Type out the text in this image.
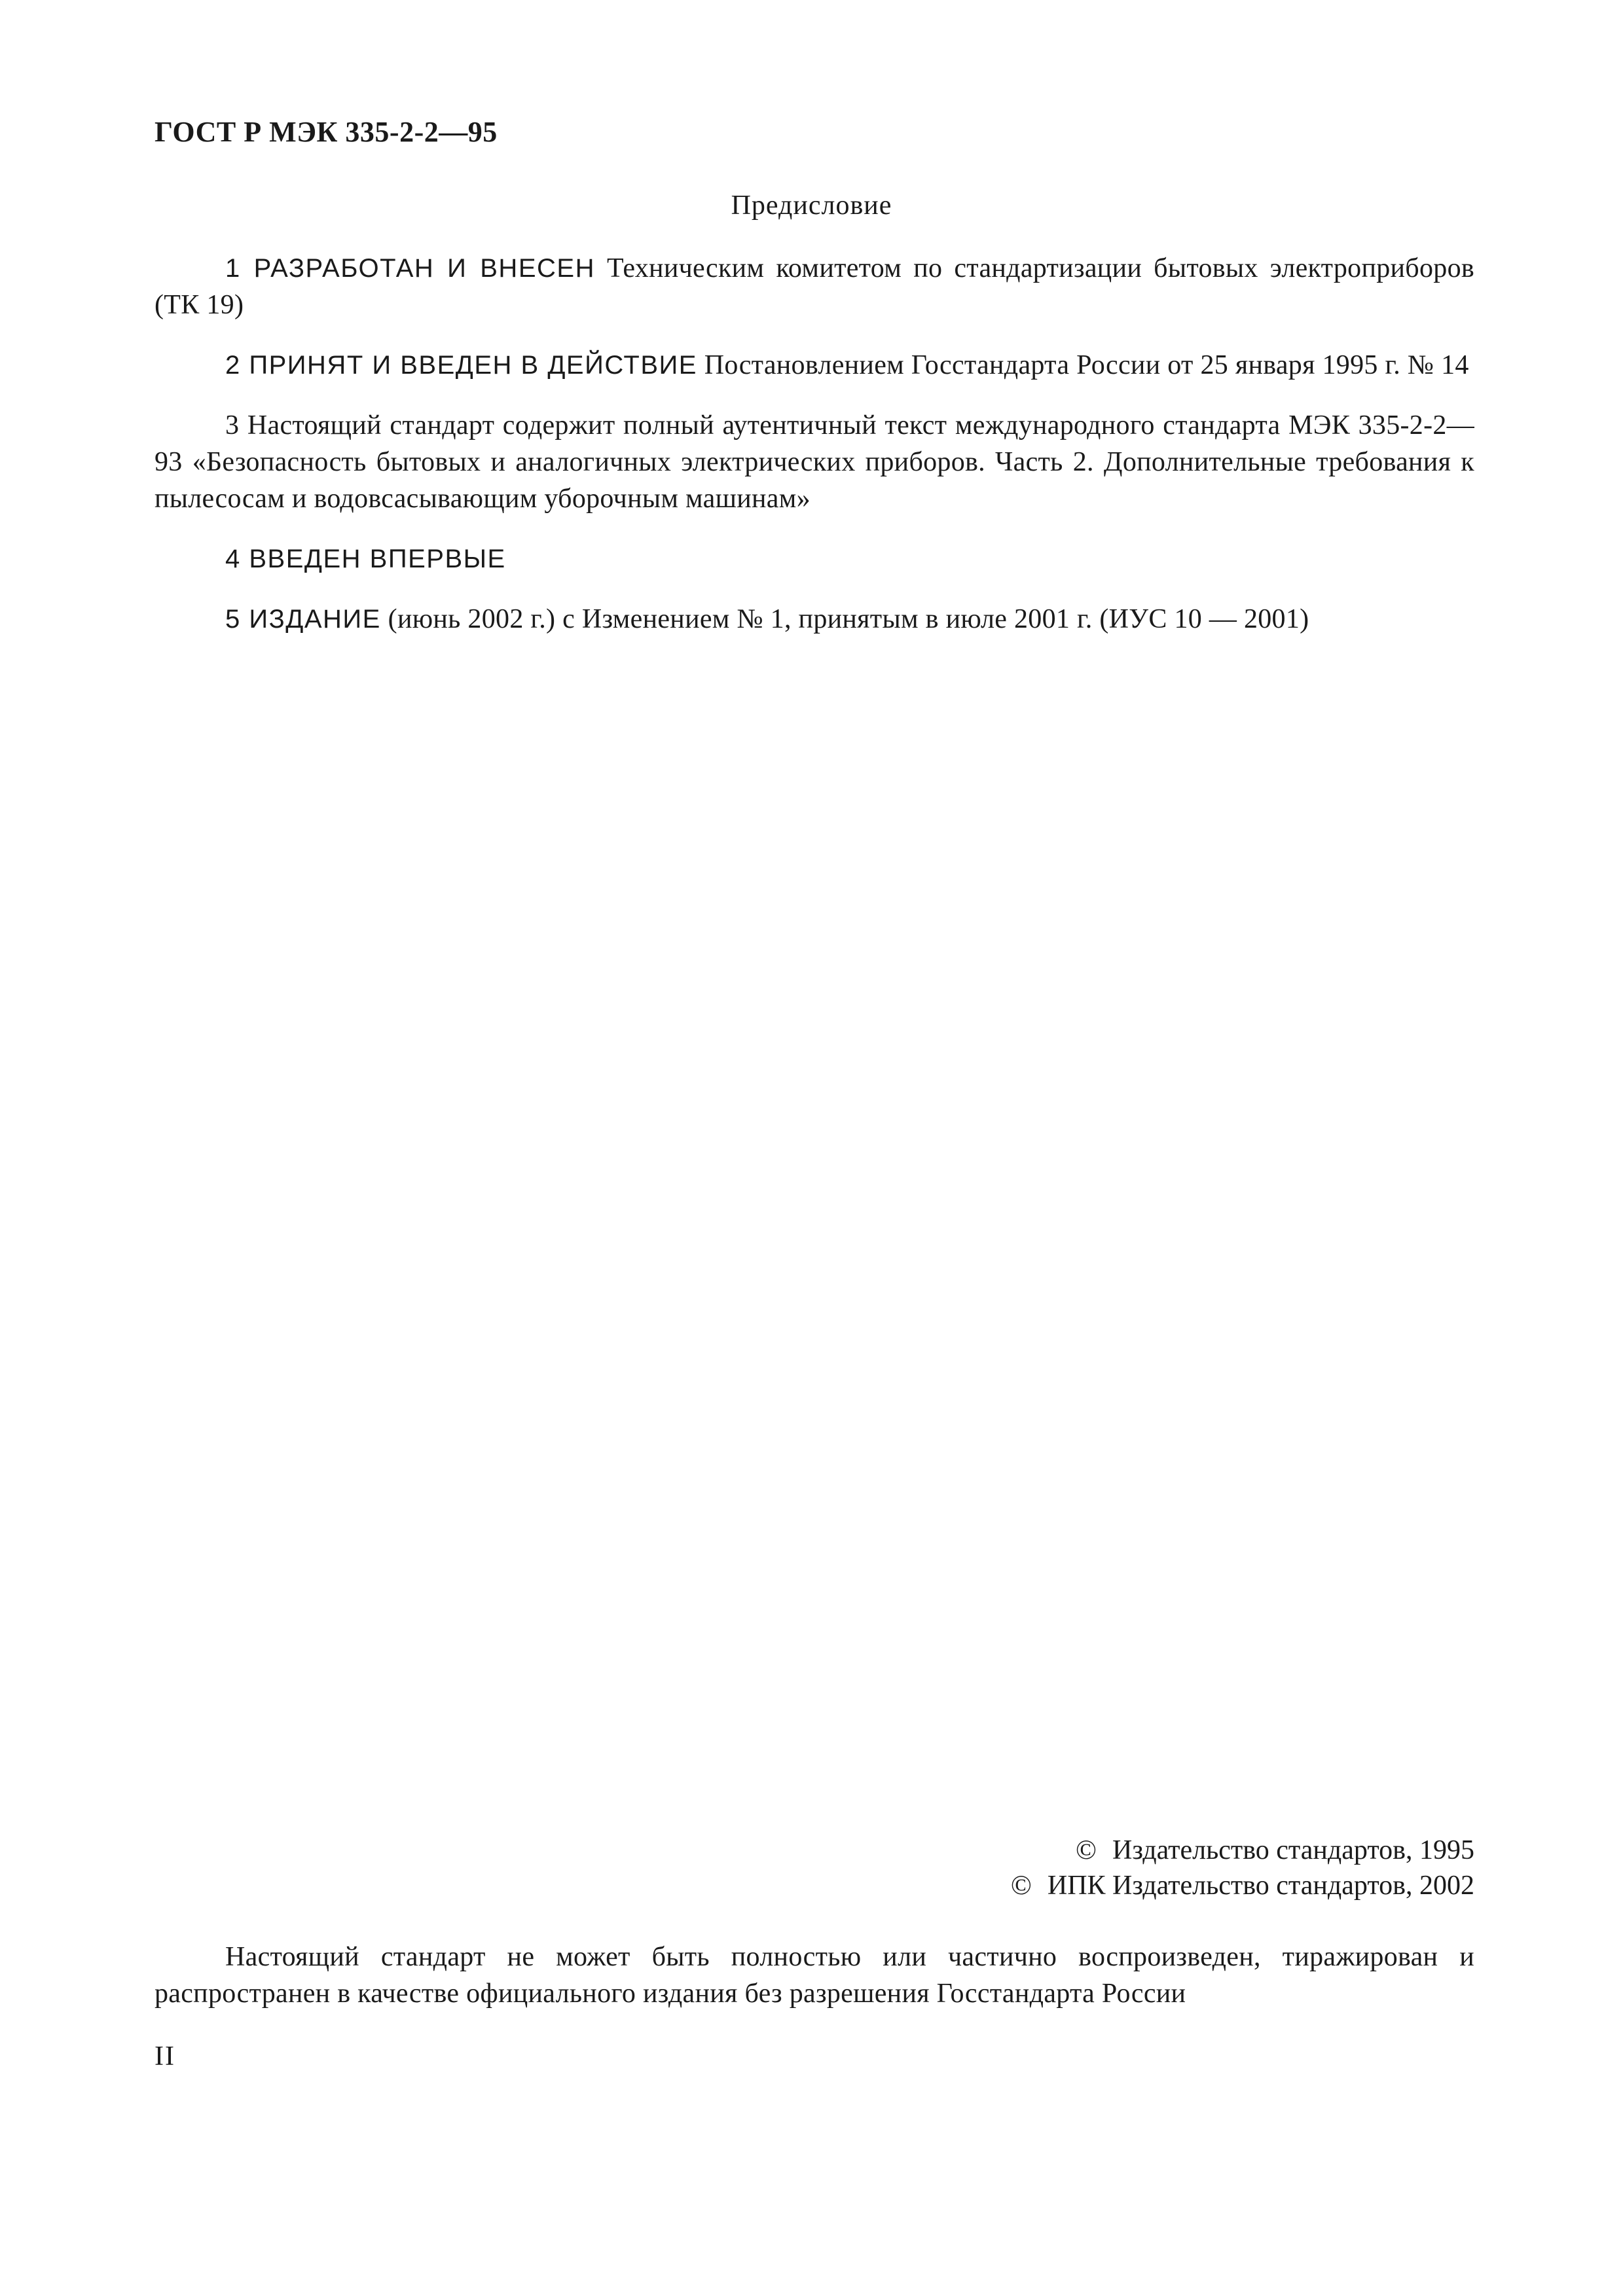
ГОСТ Р МЭК 335-2-2—95
Предисловие

1 РАЗРАБОТАН И ВНЕСЕН Техническим комитетом по стандартизации бытовых электроприборов (ТК 19)

2 ПРИНЯТ И ВВЕДЕН В ДЕЙСТВИЕ Постановлением Госстандарта России от 25 января 1995 г. № 14

3 Настоящий стандарт содержит полный аутентичный текст международного стандарта МЭК 335-2-2—93 «Безопасность бытовых и аналогичных электрических приборов. Часть 2. Дополнительные требования к пылесосам и водовсасывающим уборочным машинам»

4 ВВЕДЕН ВПЕРВЫЕ

5 ИЗДАНИЕ (июнь 2002 г.) с Изменением № 1, принятым в июле 2001 г. (ИУС 10 — 2001)

© Издательство стандартов, 1995
© ИПК Издательство стандартов, 2002

Настоящий стандарт не может быть полностью или частично воспроизведен, тиражирован и распространен в качестве официального издания без разрешения Госстандарта России

II
